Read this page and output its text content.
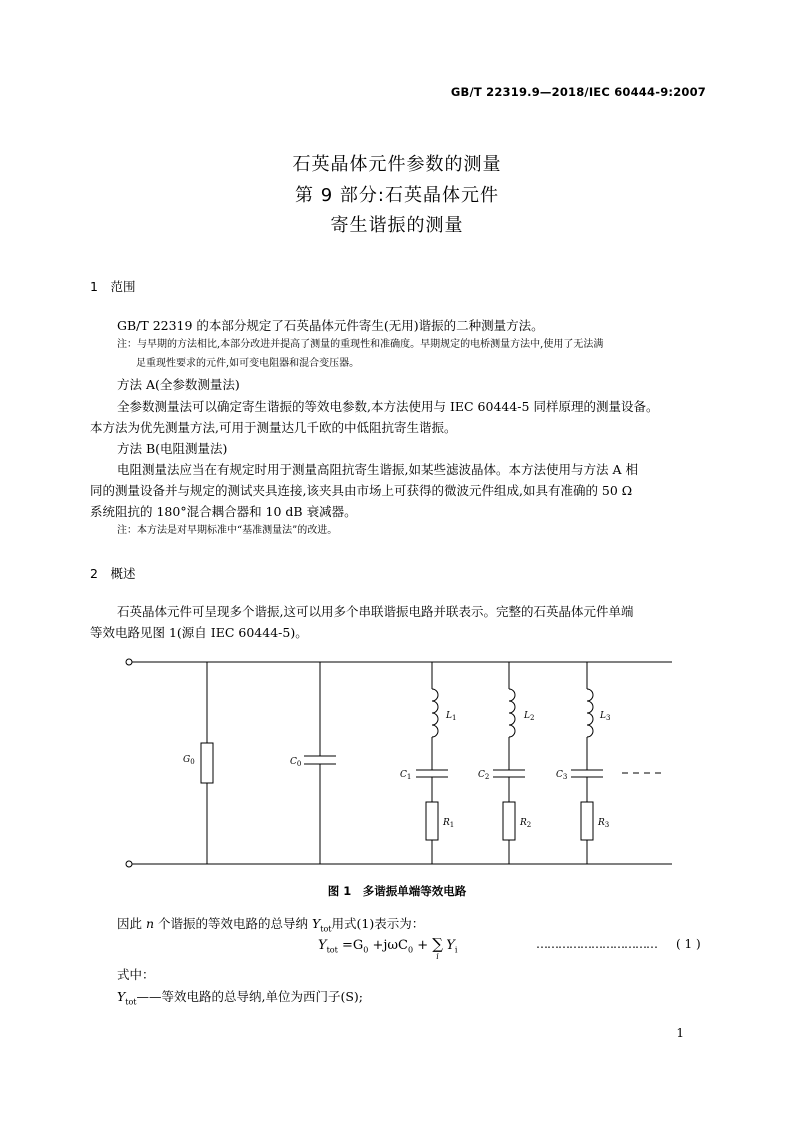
GB/T 22319.9—2018/IEC 60444-9:2007
石英晶体元件参数的测量
第 9 部分:石英晶体元件
寄生谐振的测量
1　范围
GB/T 22319 的本部分规定了石英晶体元件寄生(无用)谐振的二种测量方法。
注：与早期的方法相比,本部分改进并提高了测量的重现性和准确度。早期规定的电桥测量方法中,使用了无法满
足重现性要求的元件,如可变电阻器和混合变压器。
方法 A(全参数测量法)
全参数测量法可以确定寄生谐振的等效电参数,本方法使用与 IEC 60444-5 同样原理的测量设备。
本方法为优先测量方法,可用于测量达几千欧的中低阻抗寄生谐振。
方法 B(电阻测量法)
电阻测量法应当在有规定时用于测量高阻抗寄生谐振,如某些滤波晶体。本方法使用与方法 A 相
同的测量设备并与规定的测试夹具连接,该夹具由市场上可获得的微波元件组成,如具有准确的 50 Ω
系统阻抗的 180°混合耦合器和 10 dB 衰减器。
注：本方法是对早期标准中“基准测量法”的改进。
2　概述
石英晶体元件可呈现多个谐振,这可以用多个串联谐振电路并联表示。完整的石英晶体元件单端
等效电路见图 1(源自 IEC 60444-5)。
$G_0$	$C_0$
$L_1$
$C_1$
$R_1$
$L_2$
$C_2$
$R_2$
$L_3$
$C_3$
$R_3$
图 1　多谐振单端等效电路
因此 n 个谐振的等效电路的总导纳 $Y_{tot}$用式(1)表示为：
$Y_{tot} =G_0 +j\omega C_0$ + ∑
i
$Y_i$	…………………………… ( 1 )
式中：
$Y_{tot}——$等效电路的总导纳,单位为西门子(S);
1
